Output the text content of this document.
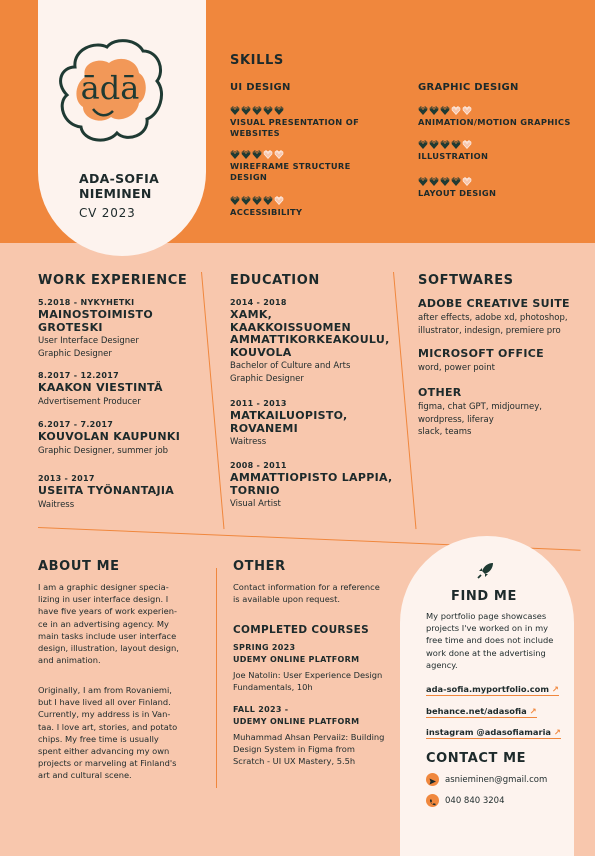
ādā
ADA-SOFIA
NIEMINEN
CV 2023
SKILLS
UI DESIGN	GRAPHIC DESIGN
VISUAL PRESENTATION OF
WEBSITES
WIREFRAME STRUCTURE
DESIGN
ACCESSIBILITY
ANIMATION/MOTION GRAPHICS
ILLUSTRATION
LAYOUT DESIGN
WORK EXPERIENCE
5.2018 - NYKYHETKI
MAINOSTOIMISTO
GROTESKI
User Interface Designer
Graphic Designer
8.2017 - 12.2017
KAAKON VIESTINTÄ
Advertisement Producer
6.2017 - 7.2017
KOUVOLAN KAUPUNKI
Graphic Designer, summer job
2013 - 2017
USEITA TYÖNANTAJIA
Waitress
EDUCATION
2014 - 2018
XAMK,
KAAKKOISSUOMEN
AMMATTIKORKEAKOULU,
KOUVOLA
Bachelor of Culture and Arts
Graphic Designer
2011 - 2013
MATKAILUOPISTO,
ROVANEMI
Waitress
2008 - 2011
AMMATTIOPISTO LAPPIA,
TORNIO
Visual Artist
SOFTWARES
ADOBE CREATIVE SUITE
after effects, adobe xd, photoshop,
illustrator, indesign, premiere pro
MICROSOFT OFFICE
word, power point
OTHER
figma, chat GPT, midjourney,
wordpress, liferay
slack, teams
ABOUT ME
I am a graphic designer specia-
lizing in user interface design. I
have five years of work experien-
ce in an advertising agency. My
main tasks include user interface
design, illustration, layout design,
and animation.
Originally, I am from Rovaniemi,
but I have lived all over Finland.
Currently, my address is in Van-
taa. I love art, stories, and potato
chips. My free time is usually
spent either advancing my own
projects or marveling at Finland's
art and cultural scene.
OTHER
Contact information for a reference
is available upon request.
COMPLETED COURSES
SPRING 2023
UDEMY ONLINE PLATFORM
Joe Natolin: User Experience Design
Fundamentals, 10h
FALL 2023 -
UDEMY ONLINE PLATFORM
Muhammad Ahsan Pervaiiz: Building
Design System in Figma from
Scratch - UI UX Mastery, 5.5h
FIND ME
My portfolio page showcases
projects I've worked on in my
free time and does not include
work done at the advertising
agency.
ada-sofia.myportfolio.com ↗
behance.net/adasofia ↗
instagram @adasofiamaria ↗
CONTACT ME
asnieminen@gmail.com
040 840 3204
